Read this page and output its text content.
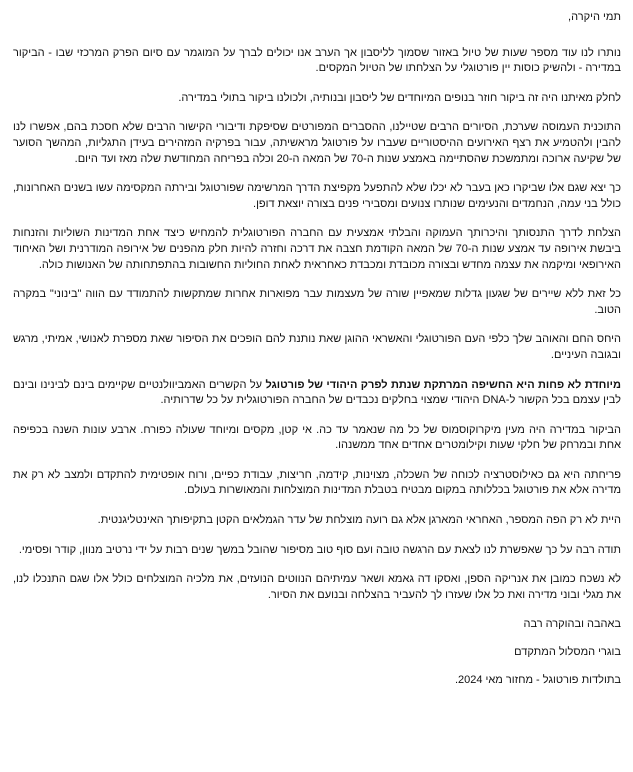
תמי היקרה,

נותרו לנו עוד מספר שעות של טיול באזור שסמוך לליסבון אך הערב אנו יכולים לברך על המוגמר עם סיום הפרק המרכזי שבו - הביקור במדירה - ולהשיק כוסות יין פורטוגלי על הצלחתו של הטיול המקסים.

לחלק מאיתנו היה זה ביקור חוזר בנופים המיוחדים של ליסבון ובנותיה, ולכולנו ביקור בתולי במדירה.

התוכנית העמוסה שערכת, הסיורים הרבים שטיילנו, ההסברים המפורטים שסיפקת ודיבורי הקישור הרבים שלא חסכת בהם, אפשרו לנו להבין ולהטמיע את רצף האירועים ההיסטוריים שעברו על פורטוגל מראשיתה, עבור בפרקיה המזהירים בעידן התגליות, המהשך הסוער של שקיעה ארוכה ומתמשכת שהסתיימה באמצע שנות ה-70 של המאה ה-20 וכלה בפריחה המחודשת שלה מאז ועד היום.

כך יצא שגם אלו שביקרו כאן בעבר לא יכלו שלא להתפעל מקפיצת הדרך המרשימה שפורטוגל ובירתה המקסימה עשו בשנים האחרונות, כולל בני עמה, הנחמדים והנעימים שנותרו צנועים ומסבירי פנים בצורה יוצאת דופן.

הצלחת לדרך התנסותך והיכרותך העמוקה והבלתי אמצעית עם החברה הפורטוגלית להמחיש כיצד אחת המדינות השוליות והזנחות ביבשת אירופה עד אמצע שנות ה-70 של המאה הקודמת חצבה את דרכה וחזרה להיות חלק מהפנים של אירופה המודרנית ושל האיחוד האירופאי ומיקמה את עצמה מחדש ובצורה מכובדת ומכבדת כאחראית לאחת החוליות החשובות בהתפתחותה של האנושות כולה.

כל זאת ללא שיירים של שגעון גדלות שמאפיין שורה של מעצמות עבר מפוארות אחרות שמתקשות להתמודד עם הווה "בינוני" במקרה הטוב.

היחס החם והאוהב שלך כלפי העם הפורטוגלי והאשראי ההוגן שאת נותנת להם הופכים את הסיפור שאת מספרת לאנושי, אמיתי, מרגש ובגובה העיניים.

מיוחדת לא פחות היא החשיפה המרתקת שנתת לפרק היהודי של פורטוגל על הקשרים האמביוולנטיים שקיימים בינם לבינינו ובינם לבין עצמם בכל הקשור ל-DNA היהודי שמצוי בחלקים נכבדים של החברה הפורטוגלית על כל שדרותיה.

הביקור במדירה היה מעין מיקרוקוסמוס של כל מה שנאמר עד כה. אי קטן, מקסים ומיוחד שעולה כפורח. ארבע עונות השנה בכפיפה אחת ובמרחק של חלקי שעות וקילומטרים אחדים אחד ממשנהו.

פריחתה היא גם כאילוסטרציה לכוחה של השכלה, מצוינות, קידמה, חריצות, עבודת כפיים, ורוח אופטימית להתקדם ולמצב לא רק את מדירה אלא את פורטוגל בכללותה במקום מבטיח בטבלת המדינות המוצלחות והמאושרות בעולם.

היית לא רק הפה המספר, האחראי המארגן אלא גם רועה מוצלחת של עדר הגמלאים הקטן בתקיפותך האינטליגנטית.

תודה רבה על כך שאפשרת לנו לצאת עם הרגשה טובה ועם סוף טוב מסיפור שהובל במשך שנים רבות על ידי נרטיב מנוון, קודר ופסימי.

לא נשכח כמובן את אנריקה הספן, ואסקו דה גאמא ושאר עמיתיהם הנווטים הנועזים, את מלכיה המוצלחים כולל אלו שגם התנכלו לנו, את מגלי ובוני מדירה ואת כל אלו שעזרו לך להעביר בהצלחה ובנועם את הסיור.

באהבה ובהוקרה רבה
בוגרי המסלול המתקדם
בתולדות פורטוגל - מחזור מאי 2024.
